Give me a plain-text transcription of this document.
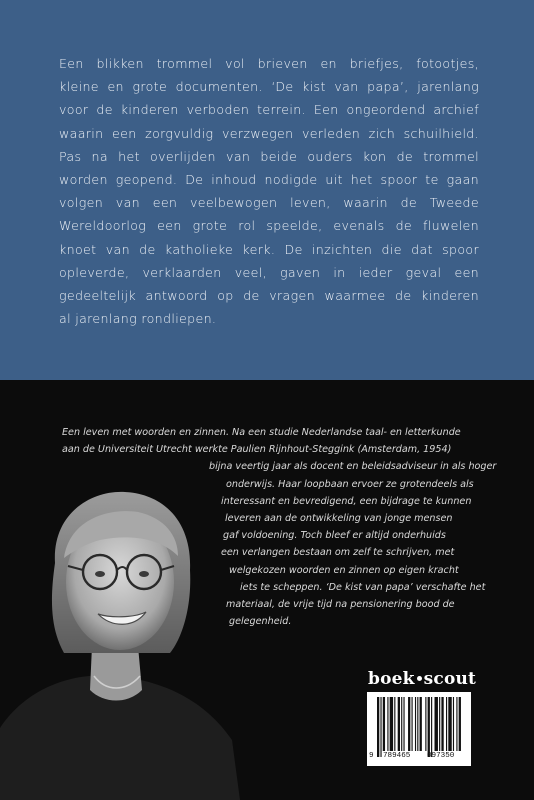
Een blikken trommel vol brieven en briefjes, fotootjes,
kleine en grote documenten. ‘De kist van papa’, jarenlang
voor de kinderen verboden terrein. Een ongeordend archief
waarin een zorgvuldig verzwegen verleden zich schuilhield.
Pas na het overlijden van beide ouders kon de trommel
worden geopend. De inhoud nodigde uit het spoor te gaan
volgen van een veelbewogen leven, waarin de Tweede
Wereldoorlog een grote rol speelde, evenals de fluwelen
knoet van de katholieke kerk. De inzichten die dat spoor
opleverde, verklaarden veel, gaven in ieder geval een
gedeeltelijk antwoord op de vragen waarmee de kinderen
al jarenlang rondliepen.
Een leven met woorden en zinnen. Na een studie Nederlandse taal- en letterkunde
aan de Universiteit Utrecht werkte Paulien Rijnhout-Steggink (Amsterdam, 1954)
bijna veertig jaar als docent en beleidsadviseur in als hoger
onderwijs. Haar loopbaan ervoer ze grotendeels als
interessant en bevredigend, een bijdrage te kunnen
leveren aan de ontwikkeling van jonge mensen
gaf voldoening. Toch bleef er altijd onderhuids
een verlangen bestaan om zelf te schrijven, met
welgekozen woorden en zinnen op eigen kracht
iets te scheppen. ‘De kist van papa’ verschafte het
materiaal, de vrije tijd na pensionering bood de
gelegenheid.
boek scout
9 789465 097350
